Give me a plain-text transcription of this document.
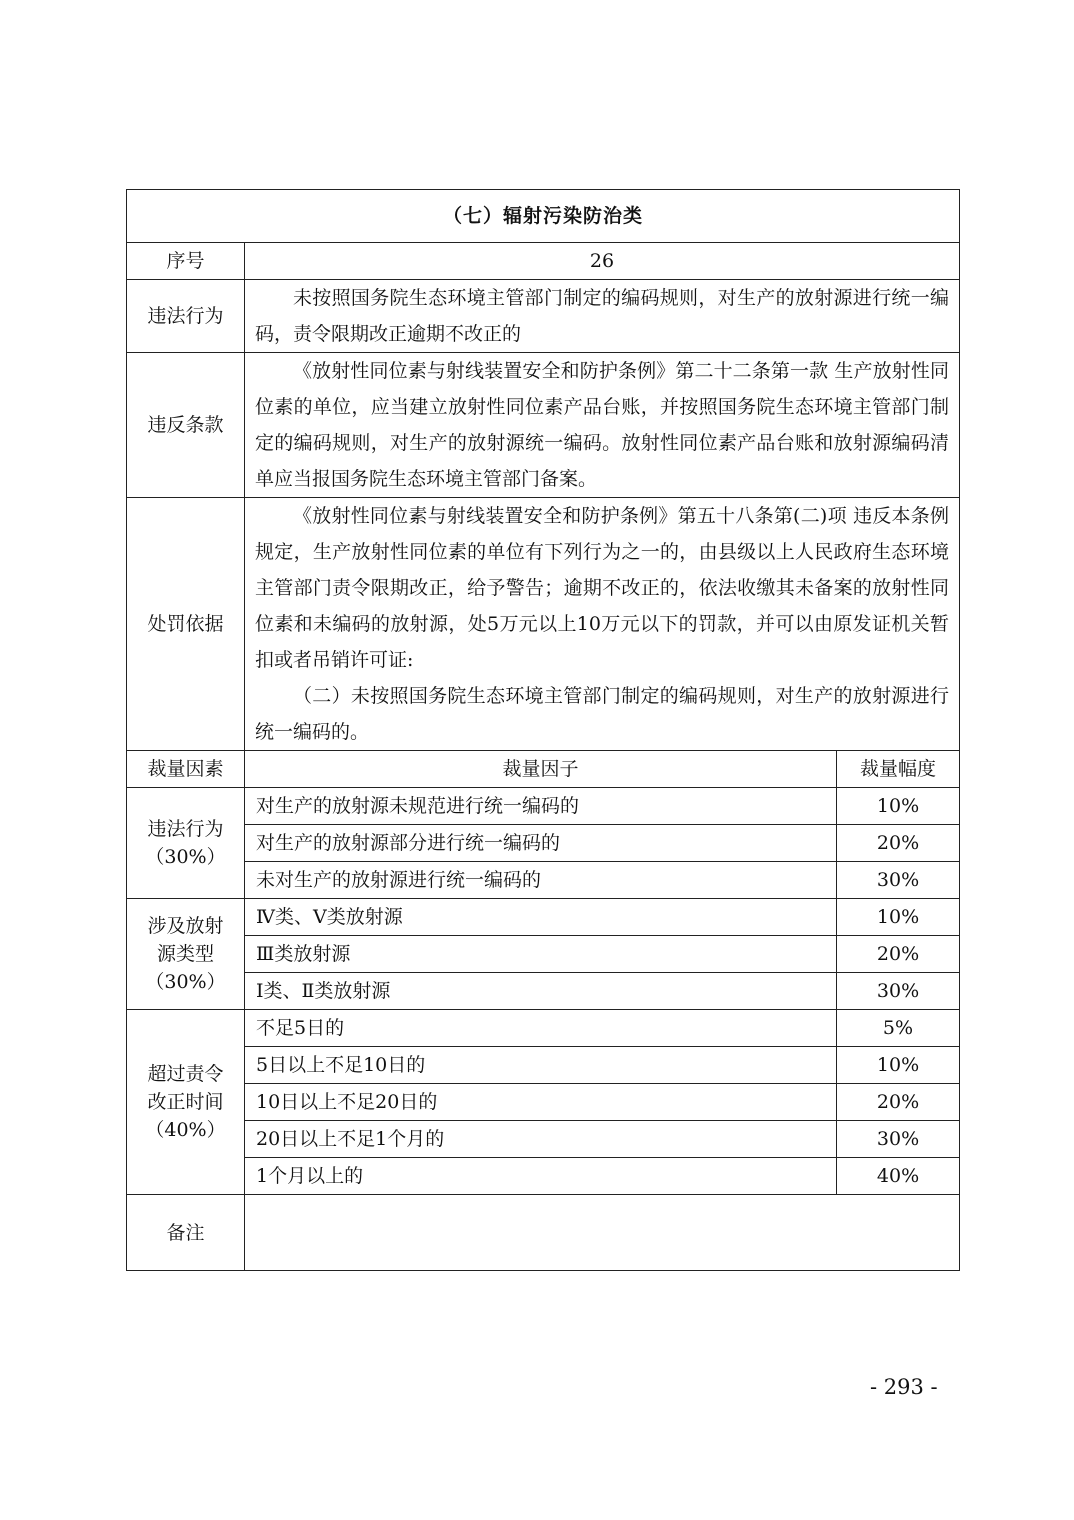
（七）辐射污染防治类		
序号	26	
违法行为	未按照国务院生态环境主管部门制定的编码规则，对生产的放射源进行统一编码，责令限期改正逾期不改正的	

违反条款	《放射性同位素与射线装置安全和防护条例》第二十二条第一款 生产放射性同位素的单位，应当建立放射性同位素产品台账，并按照国务院生态环境主管部门制定的编码规则，对生产的放射源统一编码。放射性同位素产品台账和放射源编码清单应当报国务院生态环境主管部门备案。	

处罚依据	《放射性同位素与射线装置安全和防护条例》第五十八条第(二)项 违反本条例规定，生产放射性同位素的单位有下列行为之一的，由县级以上人民政府生态环境主管部门责令限期改正，给予警告；逾期不改正的，依法收缴其未备案的放射性同位素和未编码的放射源，处5万元以上10万元以下的罚款，并可以由原发证机关暂扣或者吊销许可证:

（二）未按照国务院生态环境主管部门制定的编码规则，对生产的放射源进行统一编码的。	

裁量因素	裁量因子	裁量幅度

违法行为
（30%）	对生产的放射源未规范进行统一编码的	10%
	对生产的放射源部分进行统一编码的	20%
	未对生产的放射源进行统一编码的	30%

涉及放射
源类型
（30%）	Ⅳ类、Ⅴ类放射源	10%
	Ⅲ类放射源	20%
	Ⅰ类、Ⅱ类放射源	30%

超过责令
改正时间
（40%）	不足5日的	5%
	5日以上不足10日的	10%
	10日以上不足20日的	20%
	20日以上不足1个月的	30%
	1个月以上的	40%
备注		
- 293 -
